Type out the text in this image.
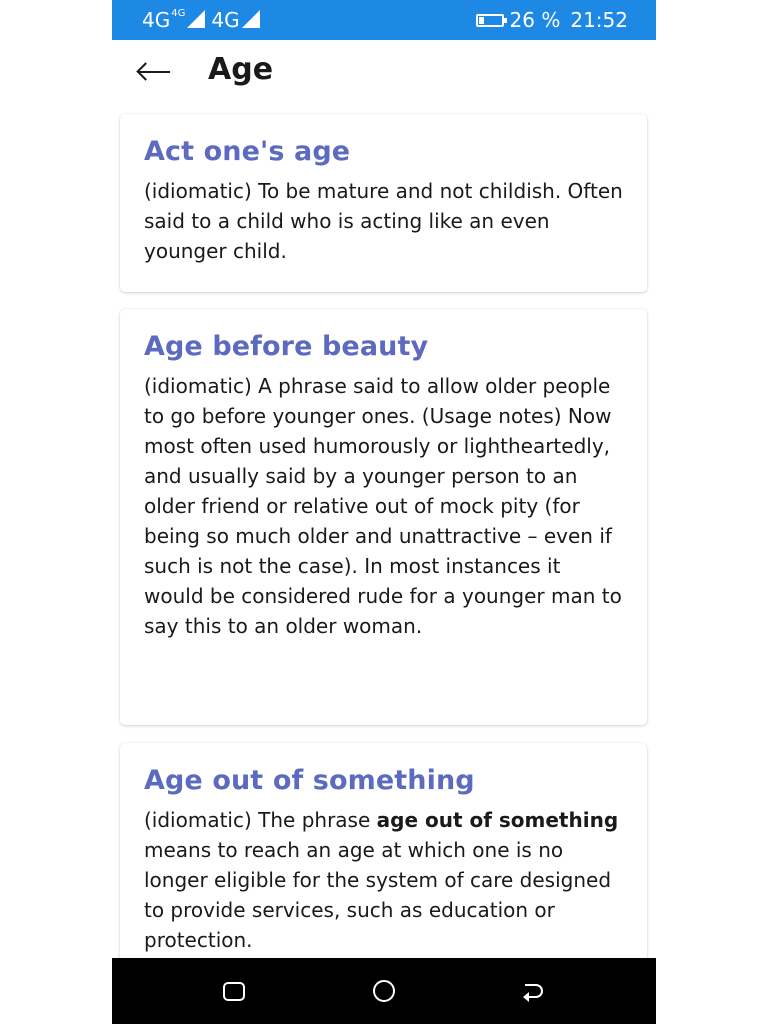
4G 4G 4G	26 % 21:52
Age
Act one's age
(idiomatic) To be mature and not childish. Often said to a child who is acting like an even younger child.
Age before beauty
(idiomatic) A phrase said to allow older people to go before younger ones. (Usage notes) Now most often used humorously or lightheartedly, and usually said by a younger person to an older friend or relative out of mock pity (for being so much older and unattractive – even if such is not the case). In most instances it would be considered rude for a younger man to say this to an older woman.
Age out of something
(idiomatic) The phrase age out of something means to reach an age at which one is no longer eligible for the system of care designed to provide services, such as education or protection.
